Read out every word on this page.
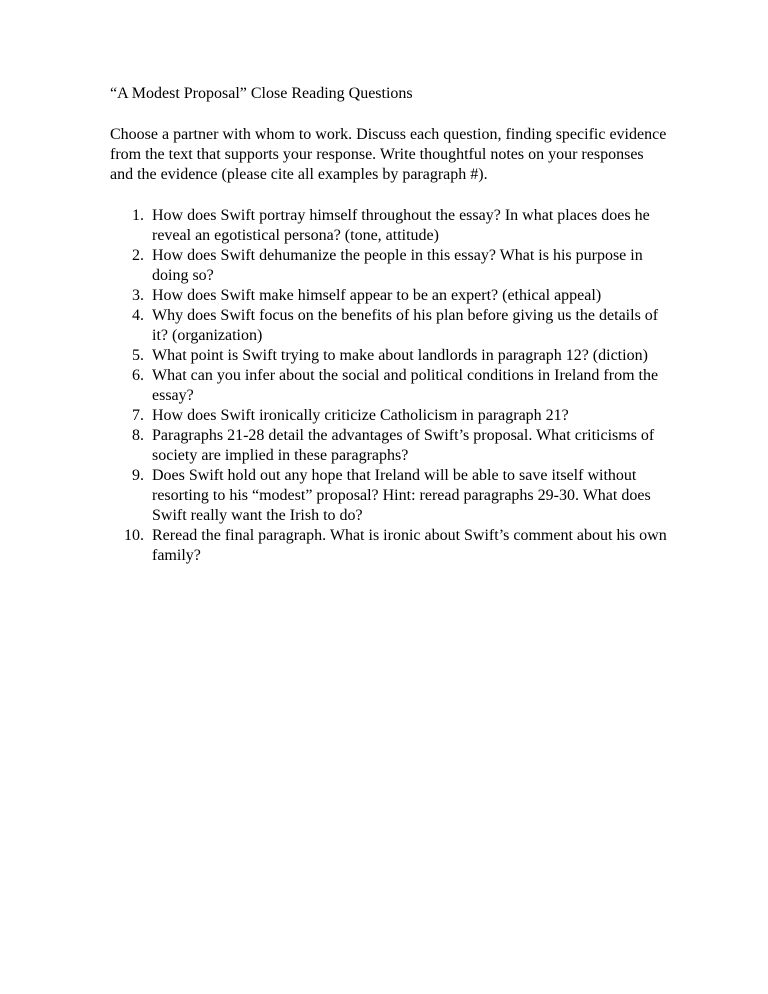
“A Modest Proposal” Close Reading Questions

Choose a partner with whom to work. Discuss each question, finding specific evidence from the text that supports your response. Write thoughtful notes on your responses and the evidence (please cite all examples by paragraph #).

1. How does Swift portray himself throughout the essay? In what places does he reveal an egotistical persona? (tone, attitude)
2. How does Swift dehumanize the people in this essay? What is his purpose in doing so?
3. How does Swift make himself appear to be an expert? (ethical appeal)
4. Why does Swift focus on the benefits of his plan before giving us the details of it? (organization)
5. What point is Swift trying to make about landlords in paragraph 12? (diction)
6. What can you infer about the social and political conditions in Ireland from the essay?
7. How does Swift ironically criticize Catholicism in paragraph 21?
8. Paragraphs 21-28 detail the advantages of Swift’s proposal. What criticisms of society are implied in these paragraphs?
9. Does Swift hold out any hope that Ireland will be able to save itself without resorting to his “modest” proposal? Hint: reread paragraphs 29-30. What does Swift really want the Irish to do?
10. Reread the final paragraph. What is ironic about Swift’s comment about his own family?
